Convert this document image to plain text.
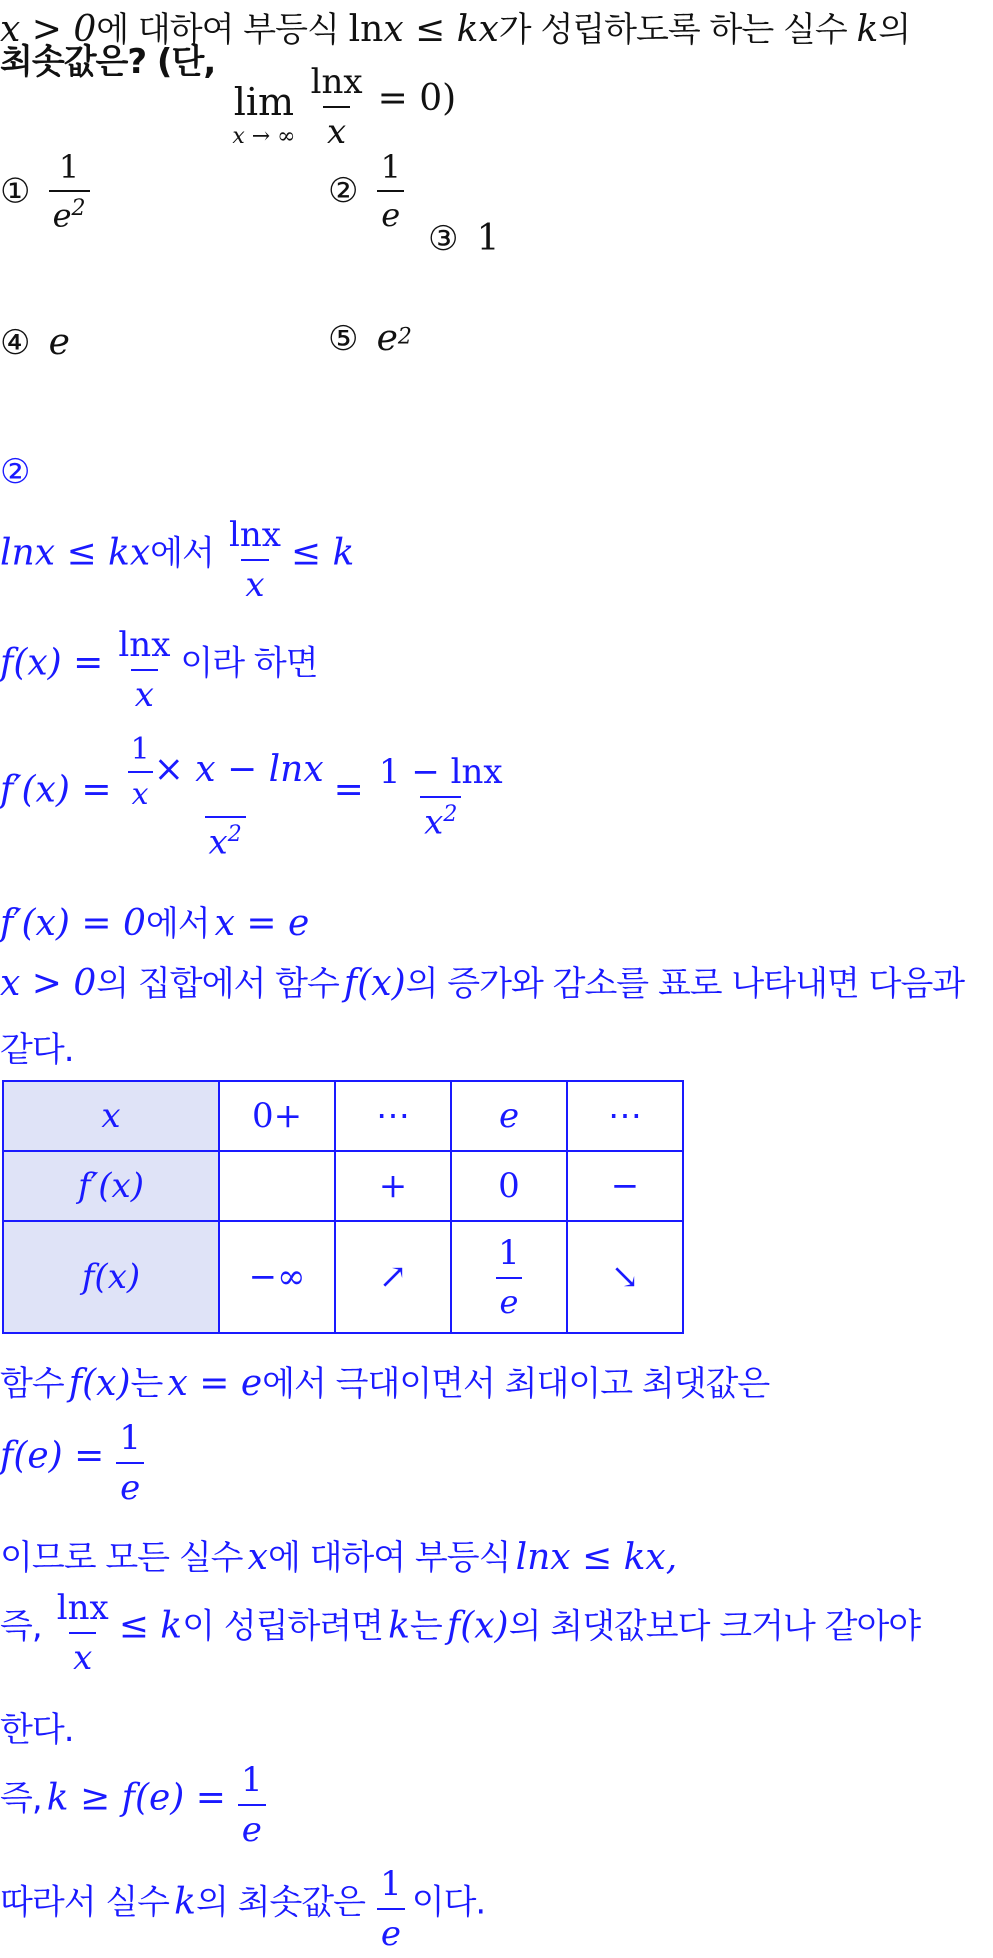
x > 0에 대하여 부등식 lnx ≤ kx가 성립하도록 하는 실수 k의
최솟값은? (단,
lim
x → ∞
$\frac{\ln x}{x} = 0$)
① $\frac{1}{e^2}$	② $\frac{1}{e}$
③ 1
④ e	⑤ e2
②
lnx ≤ kx에서 $\frac{\ln x}{x} \le k$
$f(x) = \frac{\ln x}{x}$ 이라 하면
$f'(x) = \frac{\frac{1}{x} \times x - \ln x}{x^2} = \frac{1 - \ln x}{x^2}$
f′(x) = 0에서 x = e
x > 0의 집합에서 함수 f(x)의 증가와 감소를 표로 나타내면 다음과
같다.
x	0+	⋯	e	⋯
f′(x)		+	0	−
f(x)	−∞	↗	$\frac{1}{e}$	↘
함수 f(x)는 x = e에서 극대이면서 최대이고 최댓값은
$f(e) = \frac{1}{e}$
이므로 모든 실수 x에 대하여 부등식 lnx ≤ kx,
즉, $\frac{\ln x}{x} \le k$이 성립하려면 k는 f(x)의 최댓값보다 크거나 같아야
한다.
즉, $k \ge f(e) = \frac{1}{e}$
따라서 실수 k의 최솟값은 $\frac{1}{e}$ 이다.
